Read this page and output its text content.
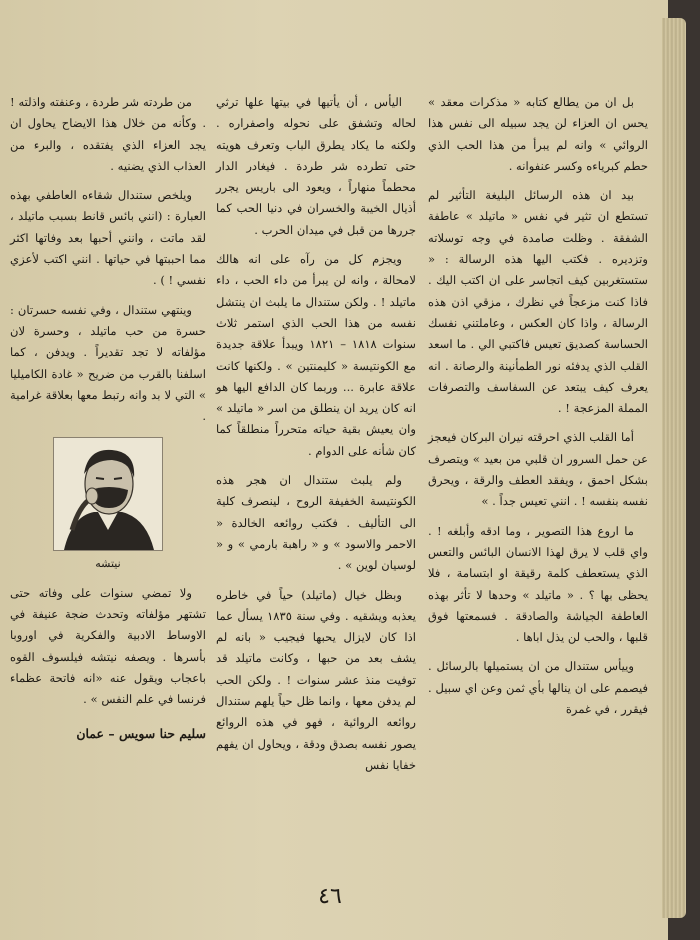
بل ان من يطالع كتابه « مذكرات معقد » يحس ان العزاء لن يجد سبيله الى نفس هذا الروائي » وانه لم يبرأ من هذا الحب الذي حطم كبرياءه وكسر عنفوانه .

بيد ان هذه الرسائل البليغة التأثير لم تستطع ان تثير في نفس « ماتيلد » عاطفة الشفقة . وظلت صامدة في وجه توسلاته وتزديره . فكتب اليها هذه الرسالة : « ستستغربين كيف اتجاسر على ان اكتب اليك . فاذا كنت مزعجاً في نظرك ، مزقي اذن هذه الرسالة ، واذا كان العكس ، وعاملتني نفسك الحساسة كصديق تعيس فاكتبي الي . ما اسعد القلب الذي يدفئه نور الطمأنينة والرصانة . انه يعرف كيف يبتعد عن السفاسف والتصرفات المملة المزعجة ! .

أما القلب الذي احرقته نيران البركان فيعجز عن حمل السرور ان قلبي من بعيد » ويتصرف بشكل احمق ، ويفقد العطف والرقة ، ويحرق نفسه بنفسه ! . انني تعيس جداً . »

ما اروع هذا التصوير ، وما ادقه وأبلغه ! . واي قلب لا يرق لهذا الانسان البائس والتعس الذي يستعطف كلمة رقيقة او ابتسامة ، فلا يحظى بها ؟ . « ماتيلد » وحدها لا تأثر بهذه العاطفة الجياشة والصادقة . فسمعتها فوق قلبها ، والحب لن يذل اباها .

وييأس ستندال من ان يستميلها بالرسائل . فيصمم على ان ينالها بأي ثمن وعن اي سبيل . فيقرر ، في غمرة

اليأس ، أن يأتيها في بيتها علها ترثي لحاله وتشفق على نحوله واصفراره . ولكنه ما يكاد يطرق الباب وتعرف هويته حتى تطرده شر طردة . فيغادر الدار محطماً منهاراً ، ويعود الى باريس يجرر أذيال الخيبة والخسران في دنيا الحب كما جررها من قبل في ميدان الحرب .

ويجزم كل من رآه على انه هالك لامحالة ، وانه لن يبرأ من داء الحب ، داء ماتيلد ! . ولكن ستندال ما يلبث ان ينتشل نفسه من هذا الحب الذي استمر ثلاث سنوات ١٨١٨ – ١٨٢١ ويبدأ علاقة جديدة مع الكونتيسة « كليمنتين » . ولكنها كانت علاقة عابرة ... وربما كان الدافع اليها هو انه كان يريد ان ينطلق من اسر « ماتيلد » وان يعيش بقية حياته متحرراً منطلقاً كما كان شأنه على الدوام .

ولم يلبث ستندال ان هجر هذه الكونتيسة الخفيفة الروح ، لينصرف كلية الى التأليف . فكتب روائعه الخالدة « الاحمر والاسود » و « راهبة بارمي » و « لوسيان لوين » .

وبظل خيال (ماتيلد) حياً في خاطره يعذبه ويشقيه . وفي سنة ١٨٣٥ يسأل عما اذا كان لايزال يحبها فيجيب « بانه لم يشف بعد من حبها ، وكانت ماتيلد قد توفيت منذ عشر سنوات ! . ولكن الحب لم يدفن معها ، وانما ظل حياً يلهم ستندال روائعه الروائية ، فهو في هذه الروائع يصور نفسه بصدق ودقة ، ويحاول ان يفهم خفايا نفس

من طردته شر طردة ، وعنفته واذلته ! . وكأنه من خلال هذا الايضاح يحاول ان يجد العزاء الذي يفتقده ، والبرء من العذاب الذي يضنيه .

ويلخص ستندال شقاءه العاطفي بهذه العبارة : (انني بائس قانط بسبب ماتيلد ، لقد ماتت ، وانني أحبها بعد وفاتها اكثر مما احببتها في حياتها . انني اكتب لأعزي نفسي ! ) .

وينتهي ستندال ، وفي نفسه حسرتان : حسرة من حب ماتيلد ، وحسرة لان مؤلفاته لا تجد تقديراً . ويدفن ، كما اسلفنا بالقرب من ضريح « غادة الكاميليا » التي لا بد وانه رتبط معها بعلاقة غرامية .

نيتشه

ولا تمضي سنوات على وفاته حتى تشتهر مؤلفاته وتحدث ضجة عنيفة في الاوساط الادبية والفكرية في اوروبا بأسرها . ويصفه نيتشه فيلسوف القوه باعجاب ويقول عنه «انه فاتحة عظماء فرنسا في علم النفس » .

سليم حنا سويس – عمان
٤٦
